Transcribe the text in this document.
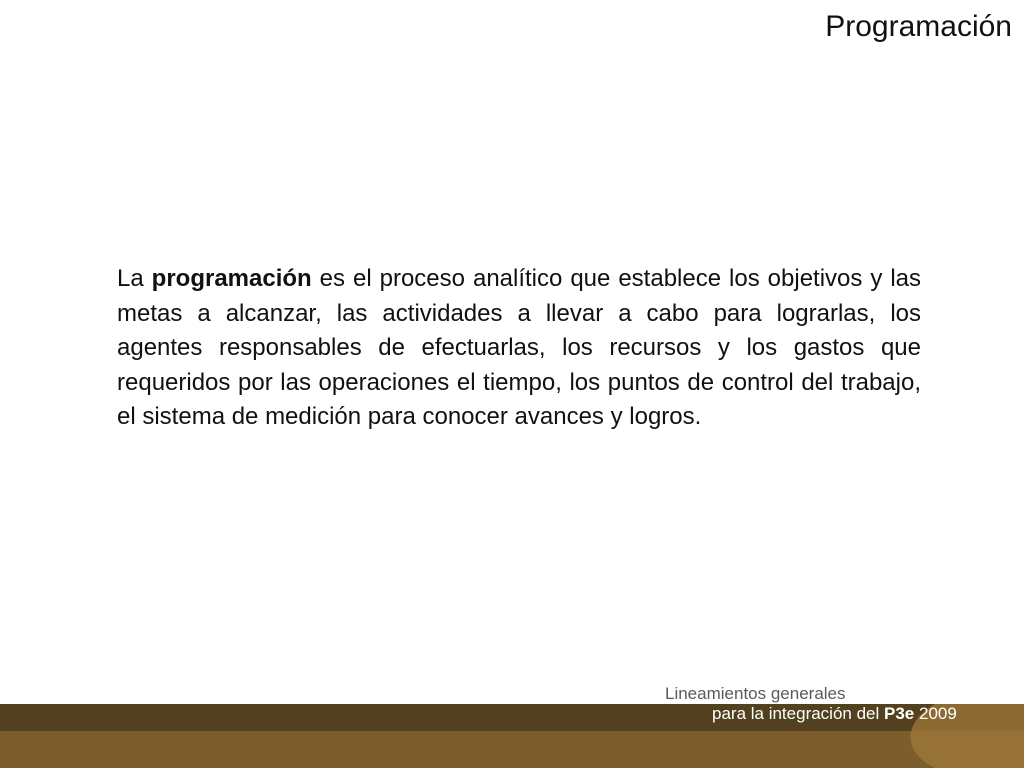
Programación

La programación es el proceso analítico que establece los objetivos y las metas a alcanzar, las actividades a llevar a cabo para lograrlas, los agentes responsables de efectuarlas, los recursos y los gastos que requeridos por las operaciones el tiempo, los puntos de control del trabajo, el sistema de medición para conocer avances y logros.

Lineamientos generales
para la integración del P3e 2009
